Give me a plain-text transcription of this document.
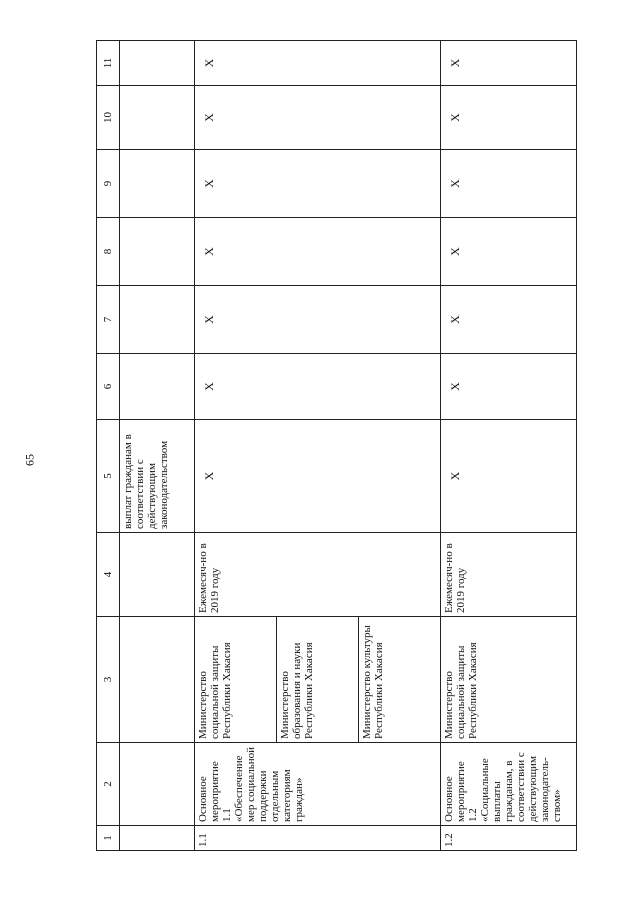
65
1	2	3	4	5	6	7	8	9	10	11
				выплат гражданам в соответствии с действующим законодательством						
1.1	Основное мероприятие 1.1 «Обеспечение мер социальной поддержки отдельным категориям граждан»	Министерство социальной защиты Республики Хакасия	Ежемесяч-но в 2019 году	Х	Х	Х	Х	Х	Х	Х
		Министерство образования и науки Республики Хакасия								
		Министерство культуры Республики Хакасия								
1.2	Основное мероприятие 1.2 «Социальные выплаты гражданам, в соответствии с действующим законодатель-ством»	Министерство социальной защиты Республики Хакасия	Ежемесяч-но в 2019 году	Х	Х	Х	Х	Х	Х	Х
